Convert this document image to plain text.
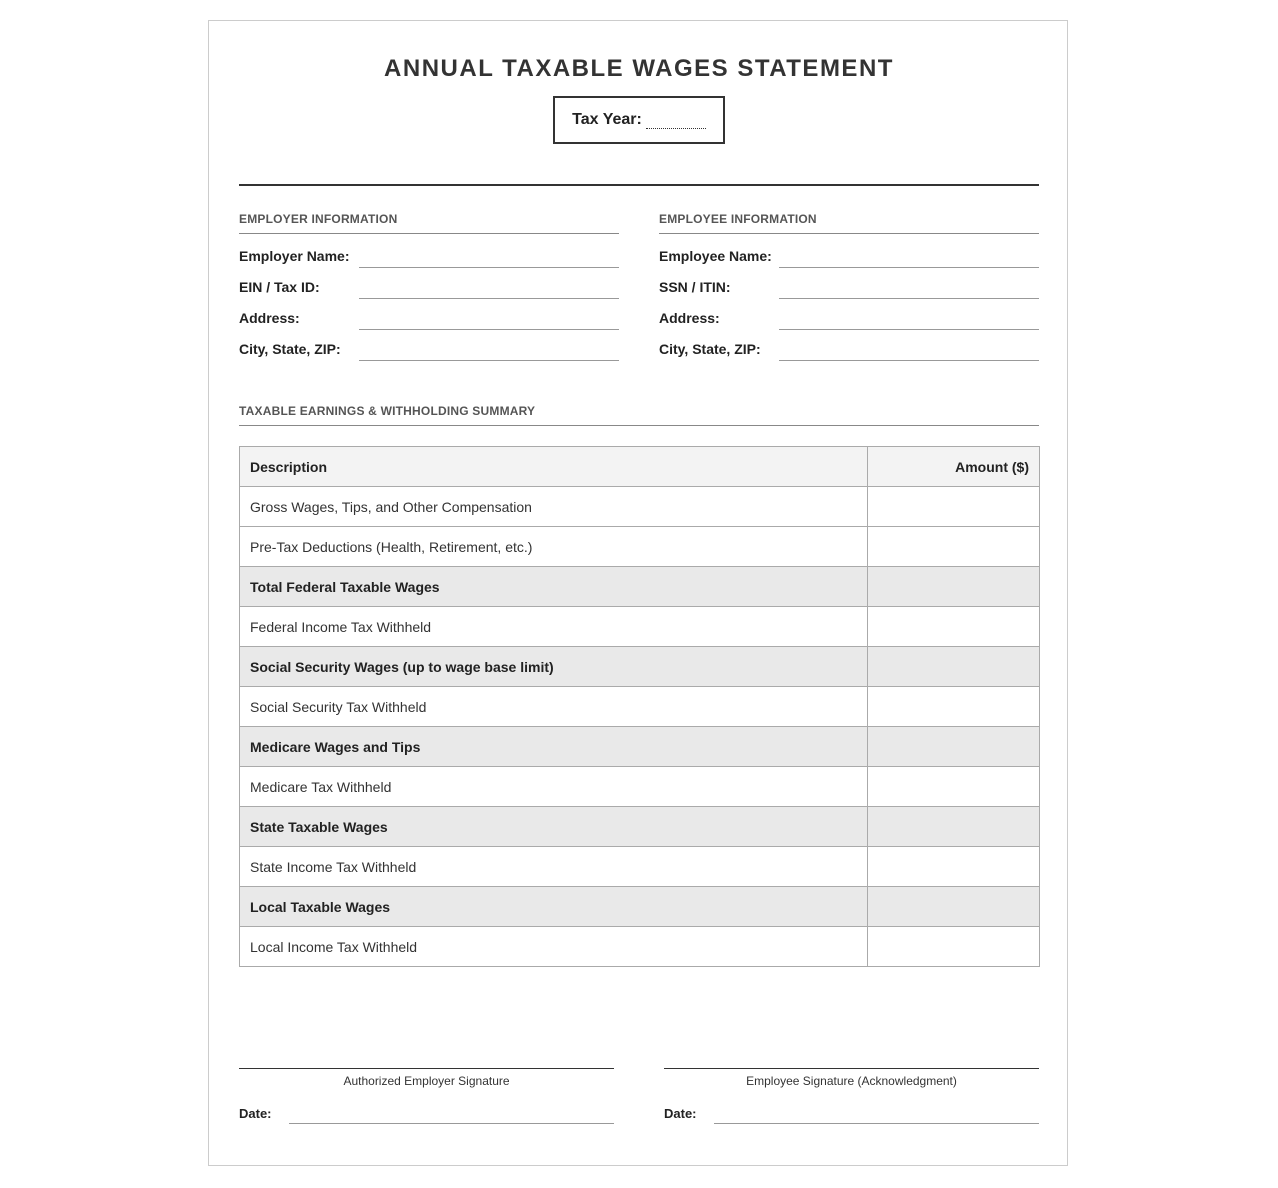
ANNUAL TAXABLE WAGES STATEMENT
Tax Year:
EMPLOYER INFORMATION
Employer Name:
EIN / Tax ID:
Address:
City, State, ZIP:
EMPLOYEE INFORMATION
Employee Name:
SSN / ITIN:
Address:
City, State, ZIP:
TAXABLE EARNINGS & WITHHOLDING SUMMARY
Description	Amount ($)
Gross Wages, Tips, and Other Compensation	
Pre-Tax Deductions (Health, Retirement, etc.)	
Total Federal Taxable Wages	
Federal Income Tax Withheld	
Social Security Wages (up to wage base limit)	
Social Security Tax Withheld	
Medicare Wages and Tips	
Medicare Tax Withheld	
State Taxable Wages	
State Income Tax Withheld	
Local Taxable Wages	
Local Income Tax Withheld	
Authorized Employer Signature
Date:
Employee Signature (Acknowledgment)
Date:
